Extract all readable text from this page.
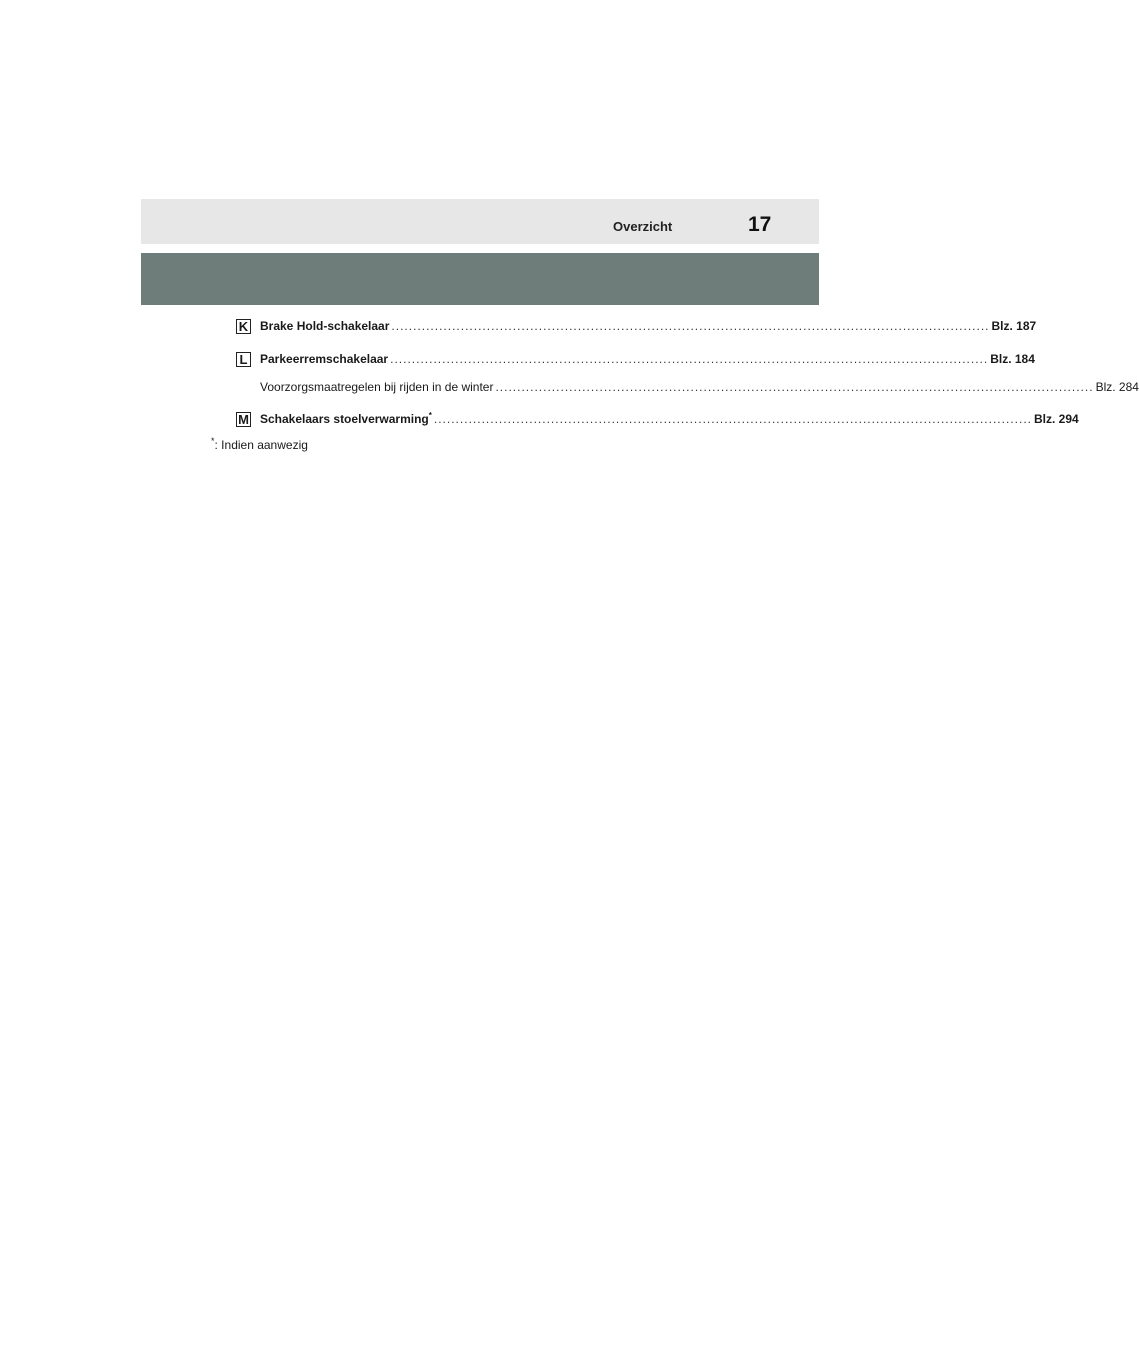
Overzicht	17
K Brake Hold-schakelaar .......................................................................................................................................... Blz. 187
L Parkeerremschakelaar .......................................................................................................................................... Blz. 184
Voorzorgsmaatregelen bij rijden in de winter .......................................................................................................................................... Blz. 284
M Schakelaars stoelverwarming* .......................................................................................................................................... Blz. 294
*: Indien aanwezig
